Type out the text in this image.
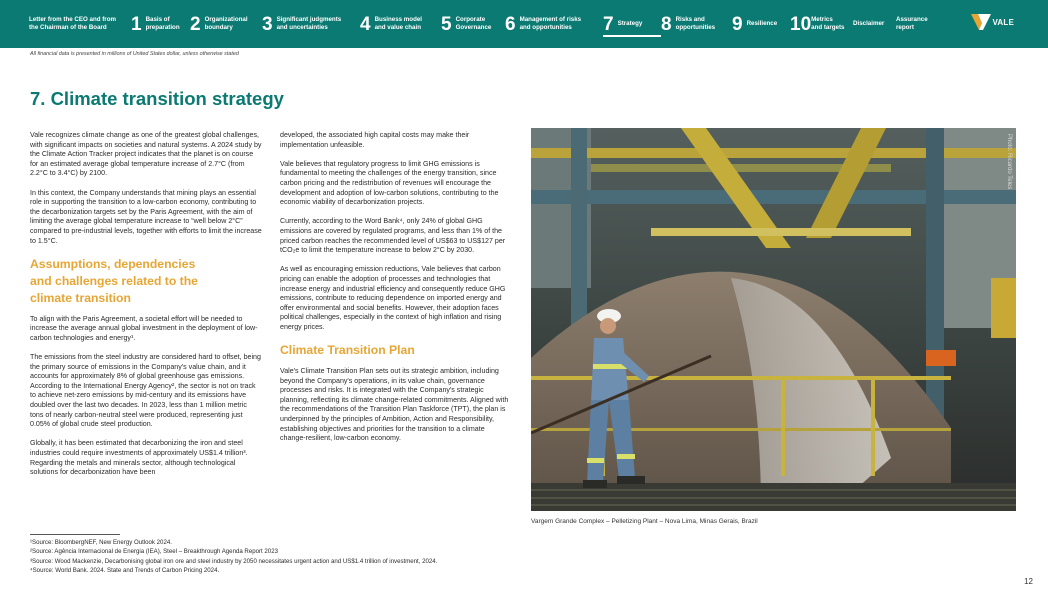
Letter from the CEO and from
the Chairman of the Board	1 Basis of
preparation 2 Organizational
boundary	3 Significant judgments
and uncertainties	4 Business model
and value chain 5 Corporate
Governance 6 Management of risks
and opportunities	7 Strategy 8 Risks and
opportunities 9 Resilience 10 Metrics
and targets
Disclaimer
Assurance
report
VALE
All financial data is presented in millions of United States dollar, unless otherwise stated
7. Climate transition strategy

Vale recognizes climate change as one of the greatest global challenges, with significant impacts on societies and natural systems. A 2024 study by the Climate Action Tracker project indicates that the planet is on course for an estimated average global temperature increase of 2.7°C (from 2.2°C to 3.4°C) by 2100.

In this context, the Company understands that mining plays an essential role in supporting the transition to a low-carbon economy, contributing to the decarbonization targets set by the Paris Agreement, with the aim of limiting the average global temperature increase to “well below 2°C” compared to pre-industrial levels, together with efforts to limit the increase to 1.5°C.

Assumptions, dependencies and challenges related to the climate transition

To align with the Paris Agreement, a societal effort will be needed to increase the average annual global investment in the deployment of low-carbon technologies and energy¹.

The emissions from the steel industry are considered hard to offset, being the primary source of emissions in the Company's value chain, and it accounts for approximately 8% of global greenhouse gas emissions. According to the International Energy Agency², the sector is not on track to achieve net-zero emissions by mid-century and its emissions have doubled over the last two decades. In 2023, less than 1 million metric tons of nearly carbon-neutral steel were produced, representing just 0.05% of global crude steel production.

Globally, it has been estimated that decarbonizing the iron and steel industries could require investments of approximately US$1.4 trillion³. Regarding the metals and minerals sector, although technological solutions for decarbonization have been

developed, the associated high capital costs may make their implementation unfeasible.

Vale believes that regulatory progress to limit GHG emissions is fundamental to meeting the challenges of the energy transition, since carbon pricing and the redistribution of revenues will encourage the development and adoption of low-carbon solutions, contributing to the economic viability of decarbonization projects.

Currently, according to the Word Bank⁴, only 24% of global GHG emissions are covered by regulated programs, and less than 1% of the priced carbon reaches the recommended level of US$63 to US$127 per tCO₂e to limit the temperature increase to below 2°C by 2030.

As well as encouraging emission reductions, Vale believes that carbon pricing can enable the adoption of processes and technologies that increase energy and industrial efficiency and consequently reduce GHG emissions, contribute to reducing dependence on imported energy and offer environmental and social benefits. However, their adoption faces political challenges, especially in the context of high inflation and rising energy prices.

Climate Transition Plan

Vale's Climate Transition Plan sets out its strategic ambition, including beyond the Company's operations, in its value chain, governance processes and risks. It is integrated with the Company's strategic planning, reflecting its climate change-related commitments. Aligned with the recommendations of the Transition Plan Taskforce (TPT), the plan is underpinned by the principles of Ambition, Action and Responsibility, establishing objectives and priorities for the transition to a climate change-resilient, low-carbon economy.

Photo: Ricardo Teles
Vargem Grande Complex – Pelletizing Plant – Nova Lima, Minas Gerais, Brazil
¹Source: BloombergNEF, New Energy Outlook 2024.
²Source: Agência Internacional de Energia (IEA), Steel – Breakthrough Agenda Report 2023
³Source: Wood Mackenzie, Decarbonising global iron ore and steel industry by 2050 necessitates urgent action and US$1.4 trillion of investment, 2024.
⁴Source: World Bank. 2024. State and Trends of Carbon Pricing 2024.
12
